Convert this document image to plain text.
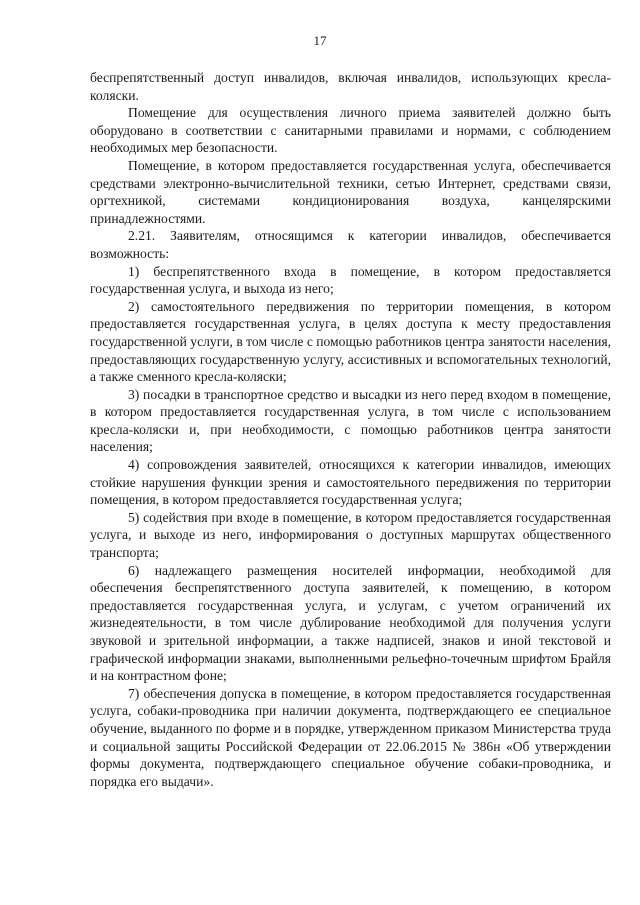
17

беспрепятственный доступ инвалидов, включая инвалидов, использующих кресла-коляски.

Помещение для осуществления личного приема заявителей должно быть оборудовано в соответствии с санитарными правилами и нормами, с соблюдением необходимых мер безопасности.

Помещение, в котором предоставляется государственная услуга, обеспечивается средствами электронно-вычислительной техники, сетью Интернет, средствами связи, оргтехникой, системами кондиционирования воздуха, канцелярскими принадлежностями.

2.21. Заявителям, относящимся к категории инвалидов, обеспечивается возможность:

1) беспрепятственного входа в помещение, в котором предоставляется государственная услуга, и выхода из него;

2) самостоятельного передвижения по территории помещения, в котором предоставляется государственная услуга, в целях доступа к месту предоставления государственной услуги, в том числе с помощью работников центра занятости населения, предоставляющих государственную услугу, ассистивных и вспомогательных технологий, а также сменного кресла-коляски;

3) посадки в транспортное средство и высадки из него перед входом в помещение, в котором предоставляется государственная услуга, в том числе с использованием кресла-коляски и, при необходимости, с помощью работников центра занятости населения;

4) сопровождения заявителей, относящихся к категории инвалидов, имеющих стойкие нарушения функции зрения и самостоятельного передвижения по территории помещения, в котором предоставляется государственная услуга;

5) содействия при входе в помещение, в котором предоставляется государственная услуга, и выходе из него, информирования о доступных маршрутах общественного транспорта;

6) надлежащего размещения носителей информации, необходимой для обеспечения беспрепятственного доступа заявителей, к помещению, в котором предоставляется государственная услуга, и услугам, с учетом ограничений их жизнедеятельности, в том числе дублирование необходимой для получения услуги звуковой и зрительной информации, а также надписей, знаков и иной текстовой и графической информации знаками, выполненными рельефно-точечным шрифтом Брайля и на контрастном фоне;

7) обеспечения допуска в помещение, в котором предоставляется государственная услуга, собаки-проводника при наличии документа, подтверждающего ее специальное обучение, выданного по форме и в порядке, утвержденном приказом Министерства труда и социальной защиты Российской Федерации от 22.06.2015 № 386н «Об утверждении формы документа, подтверждающего специальное обучение собаки-проводника, и порядка его выдачи».
